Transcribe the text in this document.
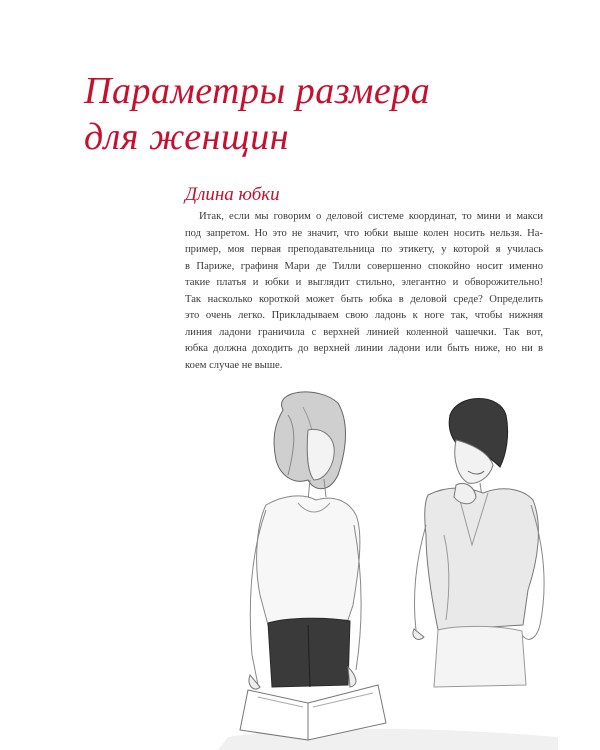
Параметры размера
для женщин
Длина юбки
Итак, если мы говорим о деловой системе координат, то мини и макси
под запретом. Но это не значит, что юбки выше колен носить нельзя. На-
пример, моя первая преподавательница по этикету, у которой я училась
в Париже, графиня Мари де Тилли совершенно спокойно носит именно
такие платья и юбки и выглядит стильно, элегантно и обворожительно!
Так насколько короткой может быть юбка в деловой среде? Определить
это очень легко. Прикладываем свою ладонь к ноге так, чтобы нижняя
линия ладони граничила с верхней линией коленной чашечки. Так вот,
юбка должна доходить до верхней линии ладони или быть ниже, но ни в
коем случае не выше.
